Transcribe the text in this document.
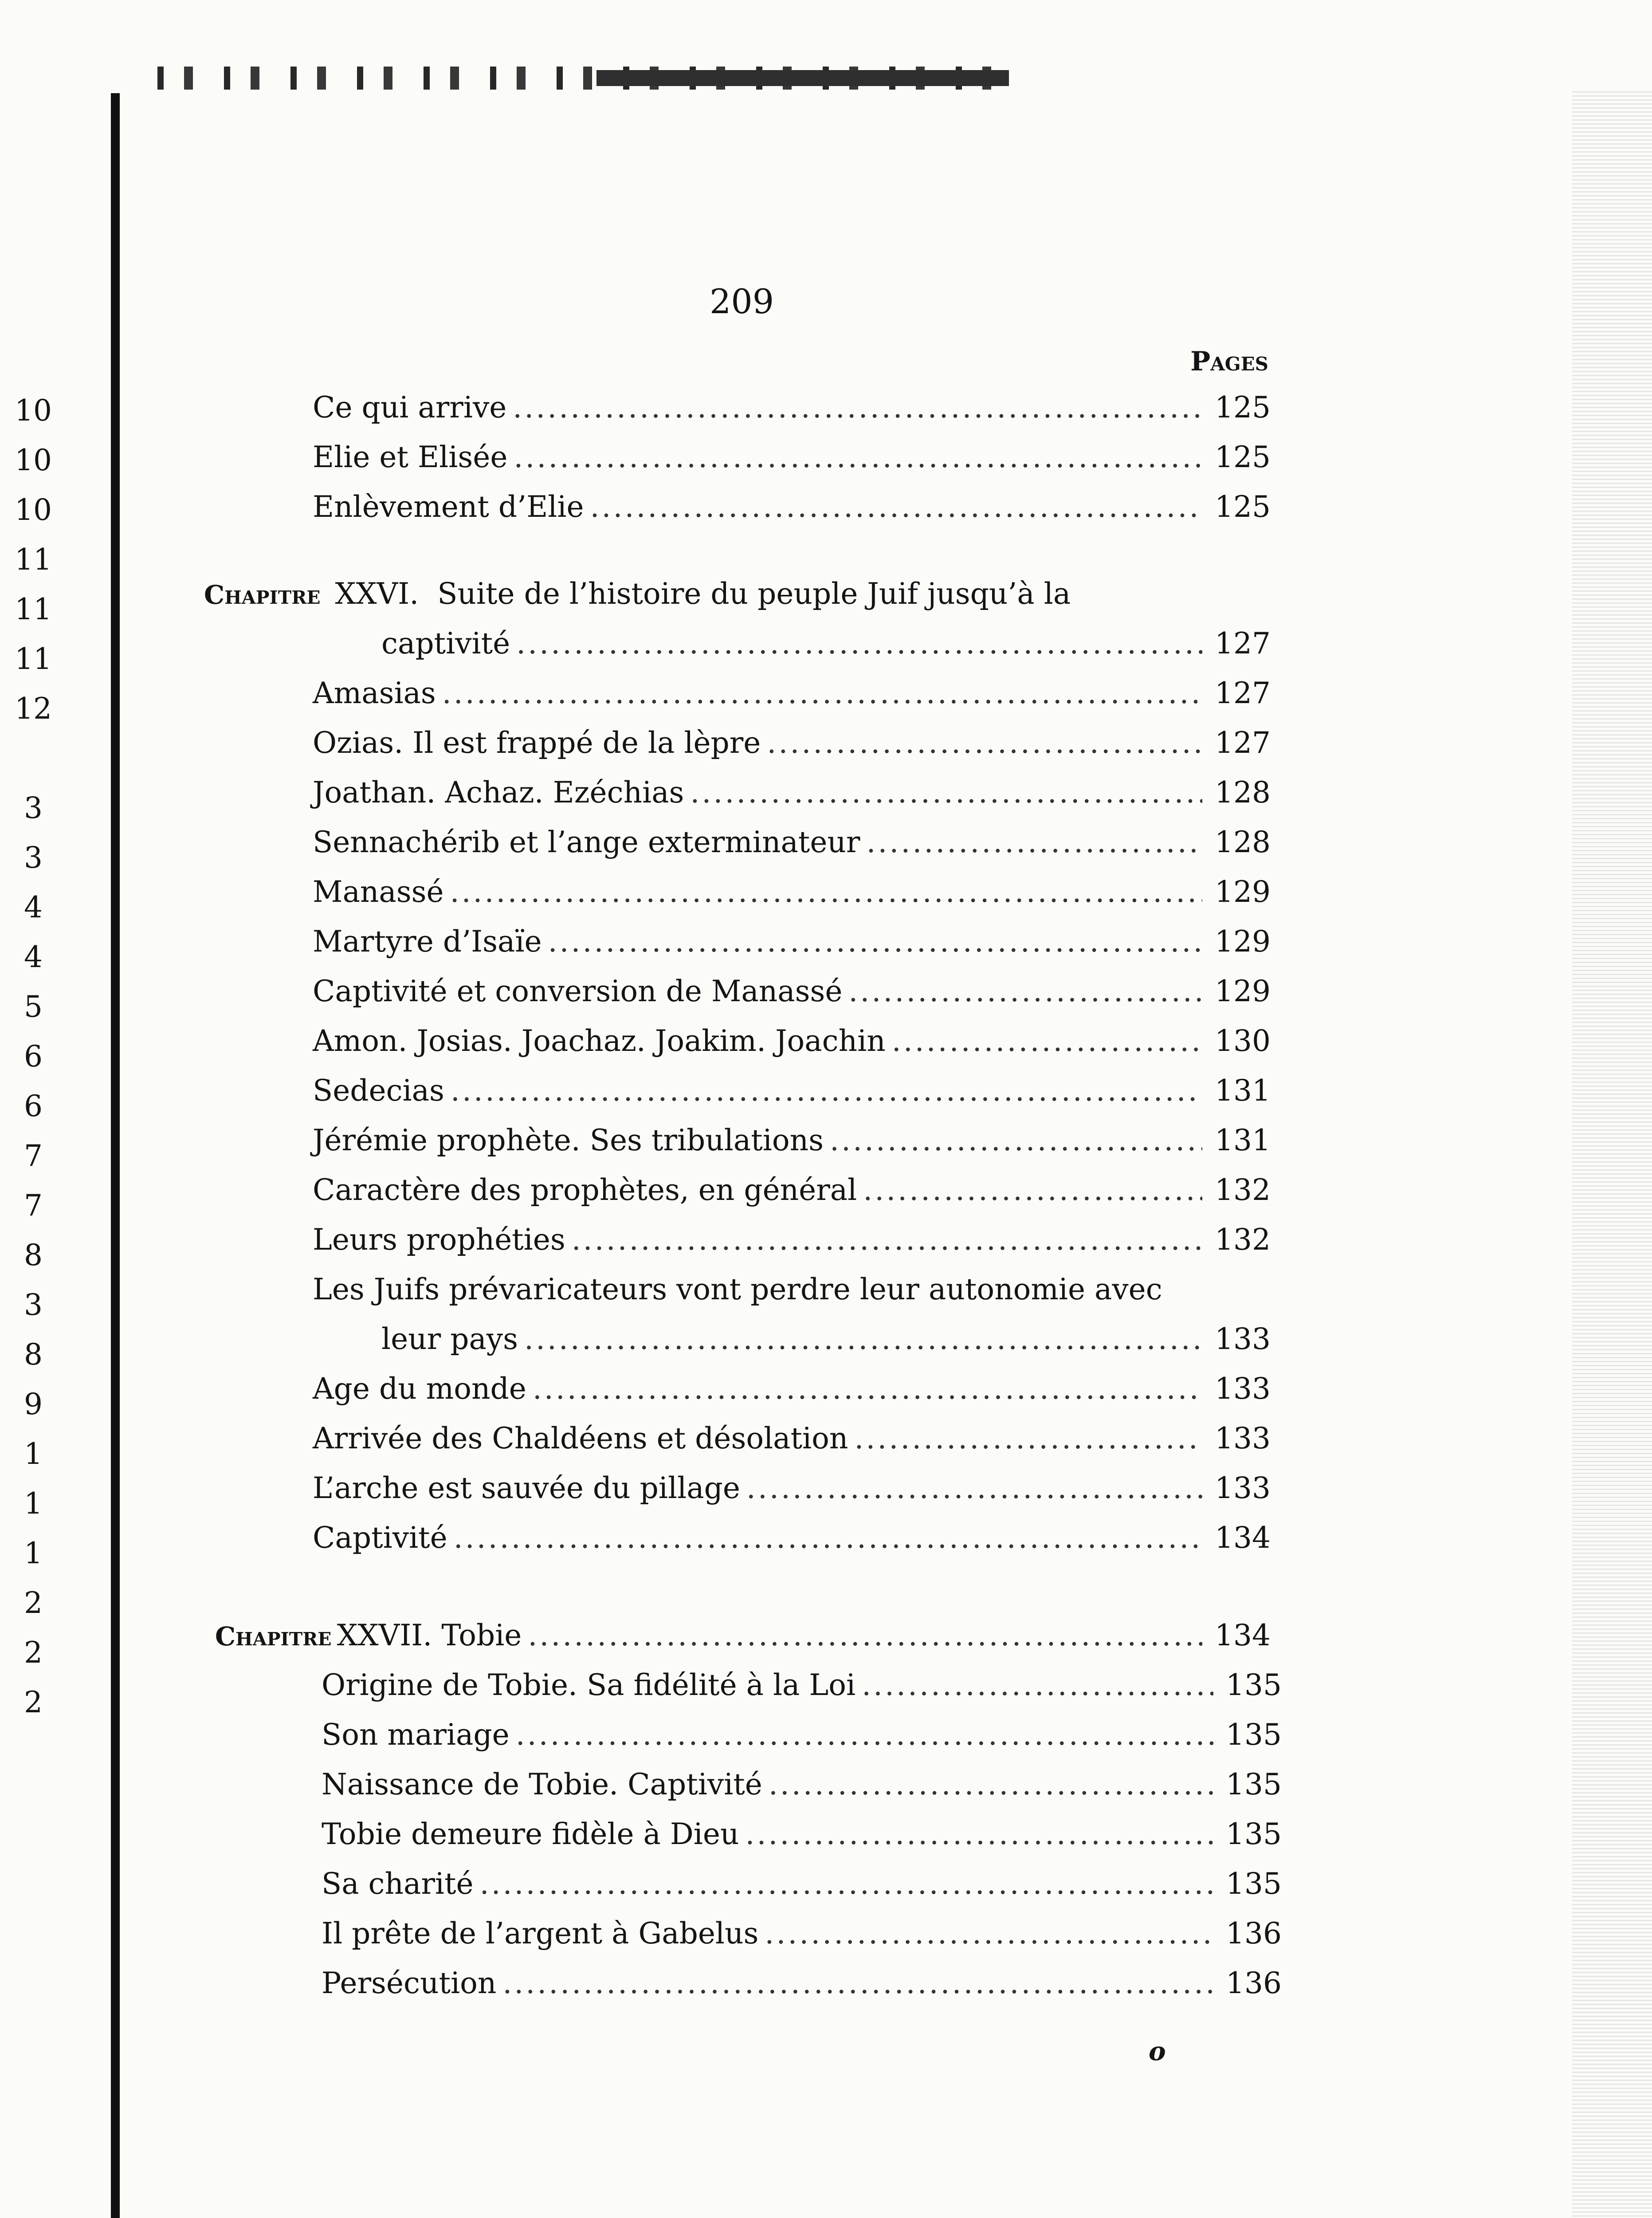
10
10
10
11
11
11
12
3
3
4
4
5
6
6
7
7
8
3
8
9
1
1
1
2
2
2
209
Pages
Ce qui arrive .....	125
Elie et Elisée .....	125
Enlèvement d’Elie .....	125
Chapitre XXVI. Suite de l’histoire du peuple Juif jusqu’à la
captivité .....	127
Amasias .....	127
Ozias. Il est frappé de la lèpre .....	127
Joathan. Achaz. Ezéchias .....	128
Sennachérib et l’ange exterminateur .....	128
Manassé .....	129
Martyre d’Isaïe .....	129
Captivité et conversion de Manassé .....	129
Amon. Josias. Joachaz. Joakim. Joachin .....	130
Sedecias .....	131
Jérémie prophète. Ses tribulations .....	131
Caractère des prophètes, en général .....	132
Leurs prophéties .....	132
Les Juifs prévaricateurs vont perdre leur autonomie avec
leur pays .....	133
Age du monde .....	133
Arrivée des Chaldéens et désolation .....	133
L’arche est sauvée du pillage .....	133
Captivité .....	134
Chapitre XXVII. Tobie .....	134
Origine de Tobie. Sa fidélité à la Loi .....	135
Son mariage .....	135
Naissance de Tobie. Captivité .....	135
Tobie demeure fidèle à Dieu .....	135
Sa charité .....	135
Il prête de l’argent à Gabelus .....	136
Persécution .....	136
o
